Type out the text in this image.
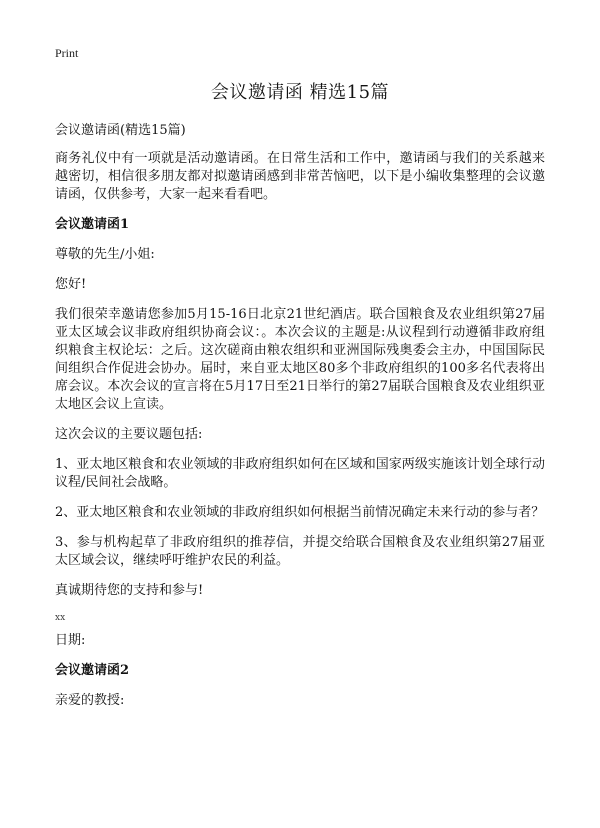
Print
会议邀请函 精选15篇

会议邀请函(精选15篇)

商务礼仪中有一项就是活动邀请函。在日常生活和工作中，邀请函与我们的关系越来越密切，相信很多朋友都对拟邀请函感到非常苦恼吧，以下是小编收集整理的会议邀请函，仅供参考，大家一起来看看吧。

会议邀请函1

尊敬的先生/小姐:

您好!

我们很荣幸邀请您参加5月15-16日北京21世纪酒店。联合国粮食及农业组织第27届亚太区域会议非政府组织协商会议：。本次会议的主题是:从议程到行动遵循非政府组织粮食主权论坛：之后。这次磋商由粮农组织和亚洲国际残奥委会主办，中国国际民间组织合作促进会协办。届时，来自亚太地区80多个非政府组织的100多名代表将出席会议。本次会议的宣言将在5月17日至21日举行的第27届联合国粮食及农业组织亚太地区会议上宣读。

这次会议的主要议题包括:

1、亚太地区粮食和农业领域的非政府组织如何在区域和国家两级实施该计划全球行动议程/民间社会战略。

2、亚太地区粮食和农业领域的非政府组织如何根据当前情况确定未来行动的参与者？

3、参与机构起草了非政府组织的推荐信，并提交给联合国粮食及农业组织第27届亚太区域会议，继续呼吁维护农民的利益。

真诚期待您的支持和参与!

xx

日期:

会议邀请函2

亲爱的教授:
